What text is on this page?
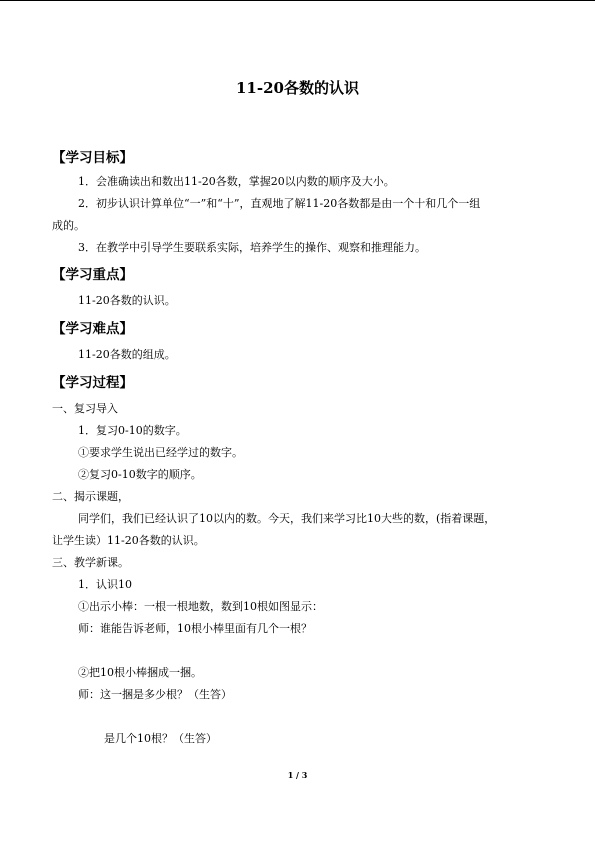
11-20各数的认识
【学习目标】
1．会准确读出和数出11-20各数，掌握20以内数的顺序及大小。
2．初步认识计算单位“一”和“十”，直观地了解11-20各数都是由一个十和几个一组
成的。
3．在教学中引导学生要联系实际，培养学生的操作、观察和推理能力。
【学习重点】
11-20各数的认识。
【学习难点】
11-20各数的组成。
【学习过程】
一、复习导入
1．复习0-10的数字。
①要求学生说出已经学过的数字。
②复习0-10数字的顺序。
二、揭示课题，
同学们，我们已经认识了10以内的数。今天，我们来学习比10大些的数，(指着课题，
让学生读）11-20各数的认识。
三、教学新课。
1．认识10
①出示小棒：一根一根地数，数到10根如图显示：
师：谁能告诉老师，10根小棒里面有几个一根？
②把10根小棒捆成一捆。
师：这一捆是多少根？（生答）
是几个10根？（生答）
1 / 3
